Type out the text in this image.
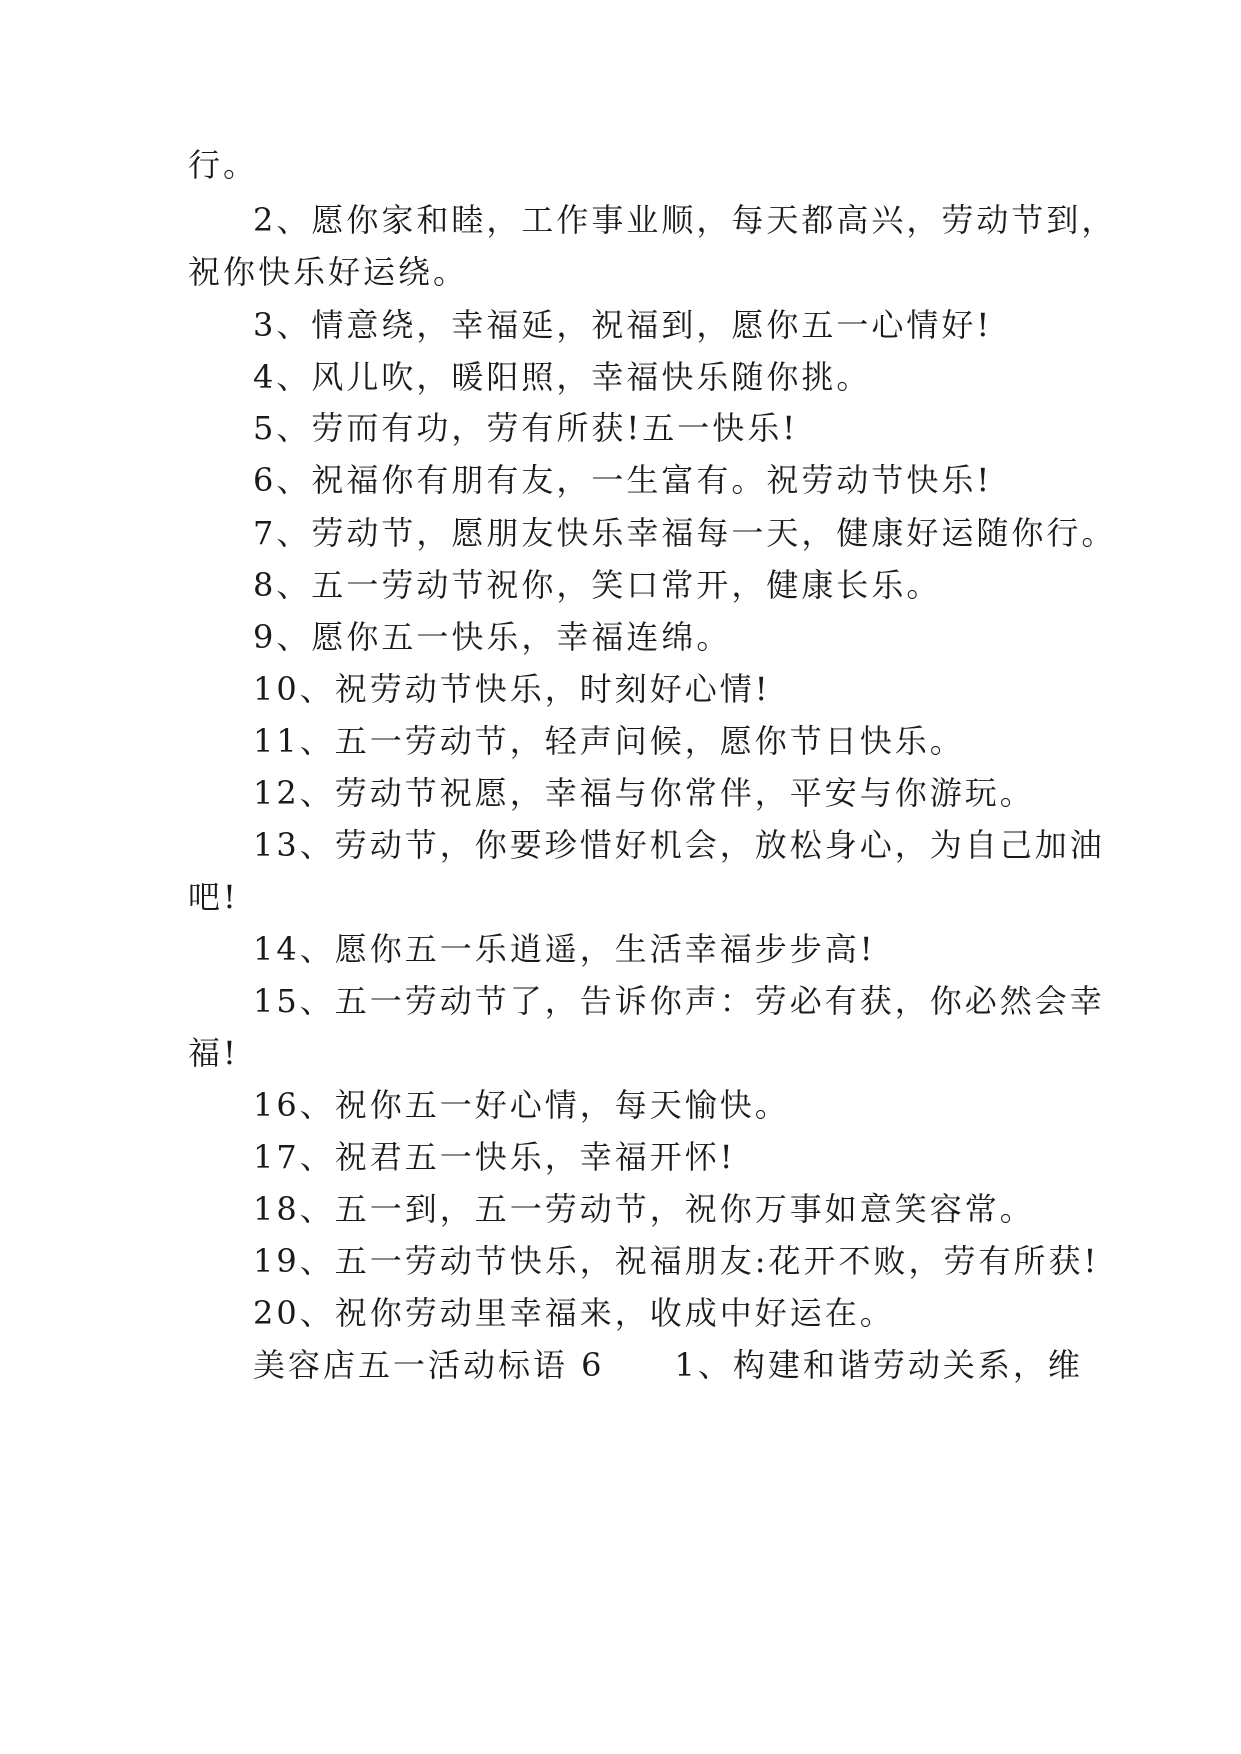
行。
2、愿你家和睦，工作事业顺，每天都高兴，劳动节到，
祝你快乐好运绕。
3、情意绕，幸福延，祝福到，愿你五一心情好!
4、风儿吹，暖阳照，幸福快乐随你挑。
5、劳而有功，劳有所获!五一快乐!
6、祝福你有朋有友，一生富有。祝劳动节快乐!
7、劳动节，愿朋友快乐幸福每一天，健康好运随你行。
8、五一劳动节祝你，笑口常开，健康长乐。
9、愿你五一快乐，幸福连绵。
10、祝劳动节快乐，时刻好心情!
11、五一劳动节，轻声问候，愿你节日快乐。
12、劳动节祝愿，幸福与你常伴，平安与你游玩。
13、劳动节，你要珍惜好机会，放松身心，为自己加油
吧!
14、愿你五一乐逍遥，生活幸福步步高!
15、五一劳动节了，告诉你声：劳必有获，你必然会幸
福!
16、祝你五一好心情，每天愉快。
17、祝君五一快乐，幸福开怀!
18、五一到，五一劳动节，祝你万事如意笑容常。
19、五一劳动节快乐，祝福朋友:花开不败，劳有所获!
20、祝你劳动里幸福来，收成中好运在。
美容店五一活动标语 6　　1、构建和谐劳动关系，维
